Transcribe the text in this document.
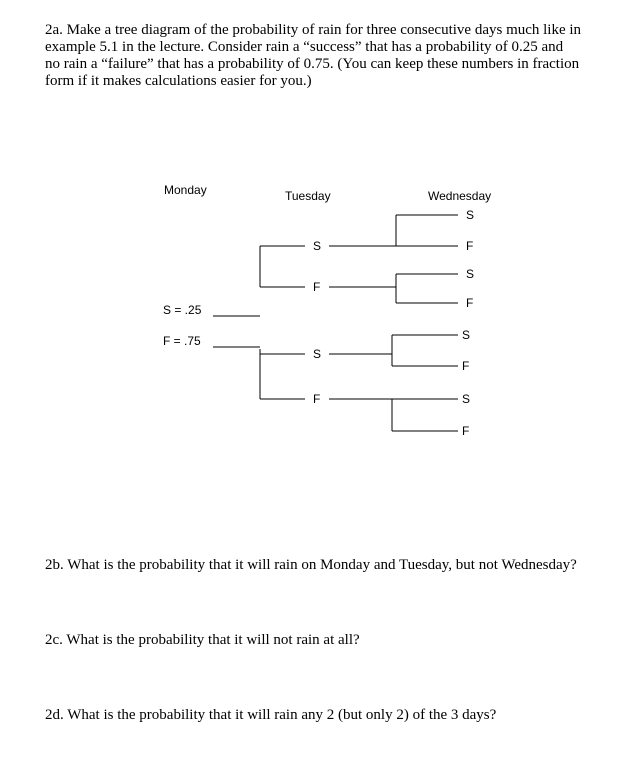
2a. Make a tree diagram of the probability of rain for three consecutive days much like in
example 5.1 in the lecture. Consider rain a “success” that has a probability of 0.25 and
no rain a “failure” that has a probability of 0.75. (You can keep these numbers in fraction
form if it makes calculations easier for you.)
Monday	Tuesday	Wednesday
S = .25
F = .75
S
F
S
F
S
F
S
F
S
F
S
F
2b. What is the probability that it will rain on Monday and Tuesday, but not Wednesday?
2c. What is the probability that it will not rain at all?
2d. What is the probability that it will rain any 2 (but only 2) of the 3 days?
